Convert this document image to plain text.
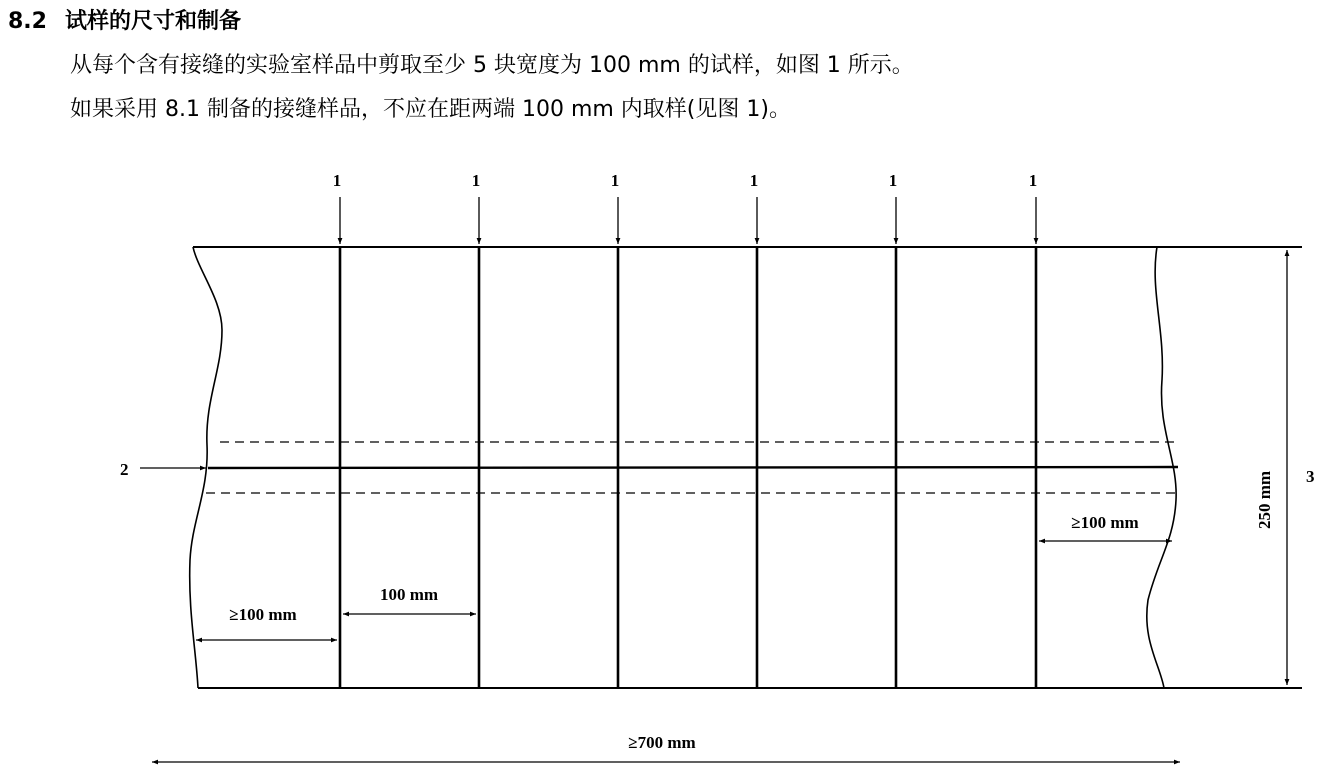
8.2 试样的尺寸和制备
从每个含有接缝的实验室样品中剪取至少 5 块宽度为 100 mm 的试样，如图 1 所示。
如果采用 8.1 制备的接缝样品，不应在距两端 100 mm 内取样(见图 1)。
1	1	1	1	1	1
2
250 mm 3
≥100 mm
100 mm
≥100 mm
≥700 mm
